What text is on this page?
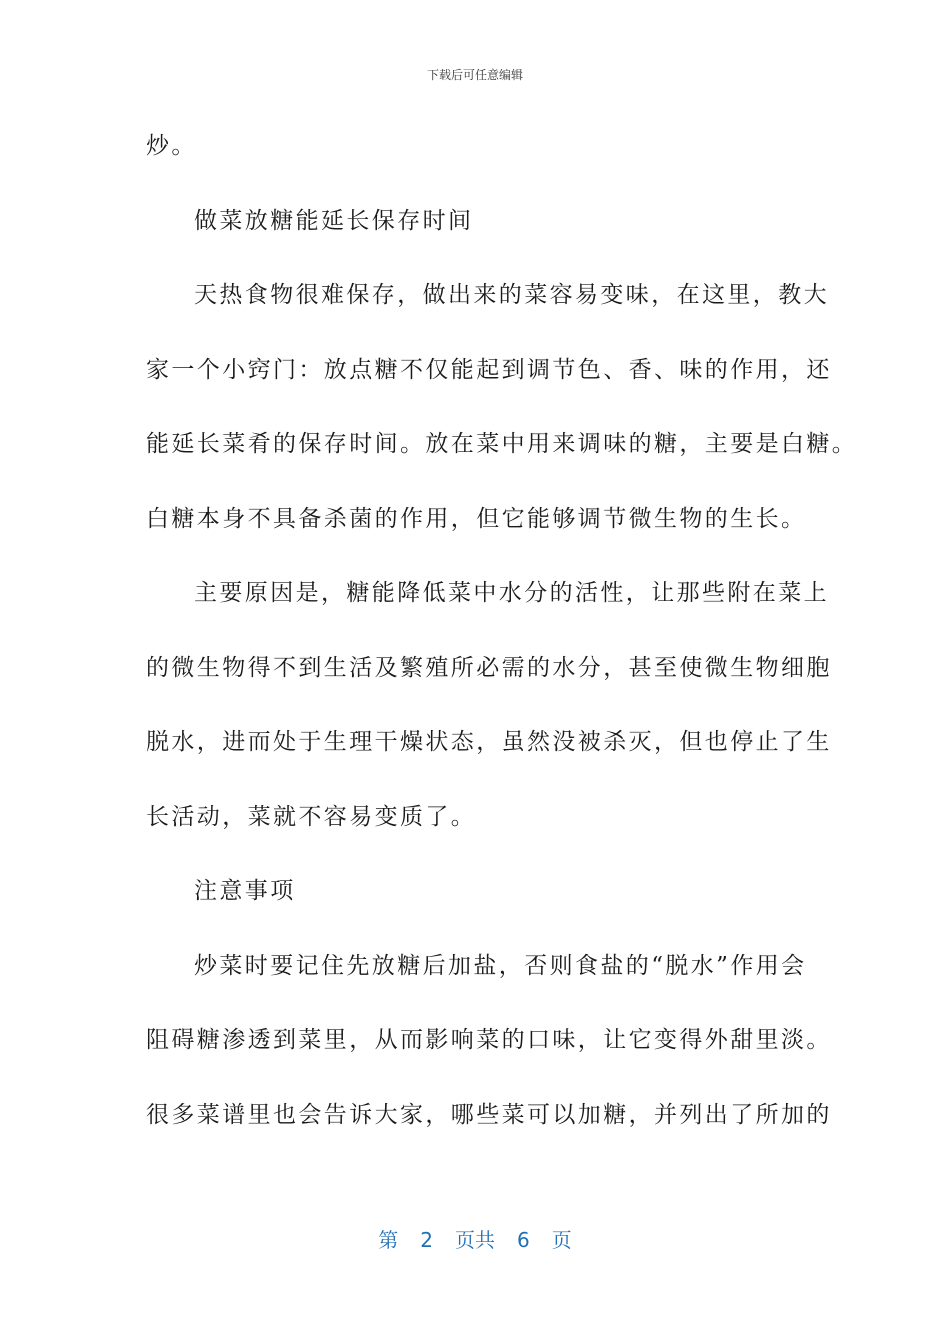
下载后可任意编辑
炒。
做菜放糖能延长保存时间
天热食物很难保存，做出来的菜容易变味，在这里，教大
家一个小窍门：放点糖不仅能起到调节色、香、味的作用，还
能延长菜肴的保存时间。放在菜中用来调味的糖，主要是白糖。
白糖本身不具备杀菌的作用，但它能够调节微生物的生长。
主要原因是，糖能降低菜中水分的活性，让那些附在菜上
的微生物得不到生活及繁殖所必需的水分，甚至使微生物细胞
脱水，进而处于生理干燥状态，虽然没被杀灭，但也停止了生
长活动，菜就不容易变质了。
注意事项
炒菜时要记住先放糖后加盐，否则食盐的“脱水”作用会
阻碍糖渗透到菜里，从而影响菜的口味，让它变得外甜里淡。
很多菜谱里也会告诉大家，哪些菜可以加糖，并列出了所加的
第 2 页共 6 页
